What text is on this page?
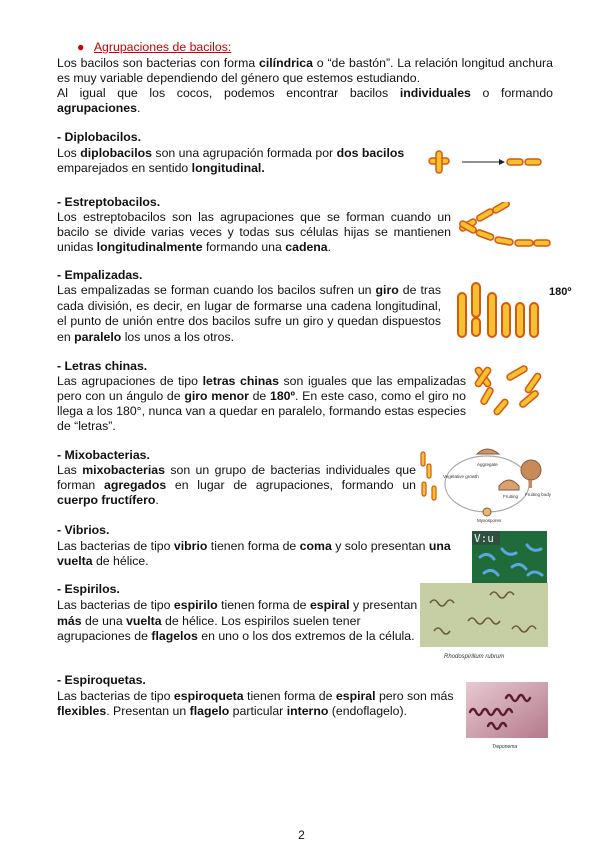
● Agrupaciones de bacilos:
Los bacilos son bacterias con forma cilíndrica o “de bastón”. La relación longitud anchura es muy variable dependiendo del género que estemos estudiando.
Al igual que los cocos, podemos encontrar bacilos individuales o formando agrupaciones.
- Diplobacilos.
Los diplobacilos son una agrupación formada por dos bacilos emparejados en sentido longitudinal.
- Estreptobacilos.
Los estreptobacilos son las agrupaciones que se forman cuando un bacilo se divide varias veces y todas sus células hijas se mantienen unidas longitudinalmente formando una cadena.
- Empalizadas.
Las empalizadas se forman cuando los bacilos sufren un giro de tras cada división, es decir, en lugar de formarse una cadena longitudinal, el punto de unión entre dos bacilos sufre un giro y quedan dispuestos en paralelo los unos a los otros.
180º
- Letras chinas.
Las agrupaciones de tipo letras chinas son iguales que las empalizadas pero con un ángulo de giro menor de 180º. En este caso, como el giro no llega a los 180°, nunca van a quedar en paralelo, formando estas especies de “letras”.
- Mixobacterias.
Las mixobacterias son un grupo de bacterias individuales que forman agregados en lugar de agrupaciones, formando un cuerpo fructífero.
Aggregate
Vegetative growth
Fruiting Fruiting body
Myxospores
- Vibrios.
Las bacterias de tipo vibrio tienen forma de coma y solo presentan una vuelta de hélice.
V:u
- Espirilos.
Las bacterias de tipo espirilo tienen forma de espiral y presentan más de una vuelta de hélice. Los espirilos suelen tener agrupaciones de flagelos en uno o los dos extremos de la célula.
Rhodospirillum rubrum
- Espiroquetas.
Las bacterias de tipo espiroqueta tienen forma de espiral pero son más flexibles. Presentan un flagelo particular interno (endoflagelo).
Treponema
2
